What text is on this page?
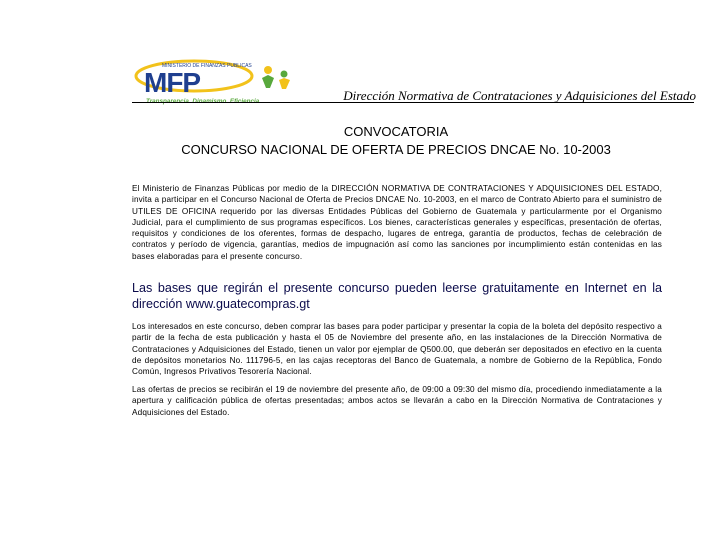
MINISTERIO DE FINANZAS PUBLICAS
MFP
Transparencia. Dinamismo. Eficiencia.	Dirección Normativa de Contrataciones y Adquisiciones del Estado
CONVOCATORIA
CONCURSO NACIONAL DE OFERTA DE PRECIOS DNCAE No. 10-2003
El Ministerio de Finanzas Públicas por medio de la DIRECCIÓN NORMATIVA DE CONTRATACIONES Y ADQUISICIONES DEL ESTADO, invita a participar en el Concurso Nacional de Oferta de Precios DNCAE No. 10-2003, en el marco de Contrato Abierto para el suministro de UTILES DE OFICINA requerido por las diversas Entidades Públicas del Gobierno de Guatemala y particularmente por el Organismo Judicial, para el cumplimiento de sus programas específicos. Los bienes, características generales y específicas, presentación de ofertas, requisitos y condiciones de los oferentes, formas de despacho, lugares de entrega, garantía de productos, fechas de celebración de contratos y período de vigencia, garantías, medios de impugnación así como las sanciones por incumplimiento están contenidas en las bases elaboradas para el presente concurso.
Las bases que regirán el presente concurso pueden leerse gratuitamente en Internet en la dirección www.guatecompras.gt
Los interesados en este concurso, deben comprar las bases para poder participar y presentar la copia de la boleta del depósito respectivo a partir de la fecha de esta publicación y hasta el 05 de Noviembre del presente año, en las instalaciones de la Dirección Normativa de Contrataciones y Adquisiciones del Estado, tienen un valor por ejemplar de Q500.00, que deberán ser depositados en efectivo en la cuenta de depósitos monetarios No. 111796-5, en las cajas receptoras del Banco de Guatemala, a nombre de Gobierno de la República, Fondo Común, Ingresos Privativos Tesorería Nacional.
Las ofertas de precios se recibirán el 19 de noviembre del presente año, de 09:00 a 09:30 del mismo día, procediendo inmediatamente a la apertura y calificación pública de ofertas presentadas; ambos actos se llevarán a cabo en la Dirección Normativa de Contrataciones y Adquisiciones del Estado.
